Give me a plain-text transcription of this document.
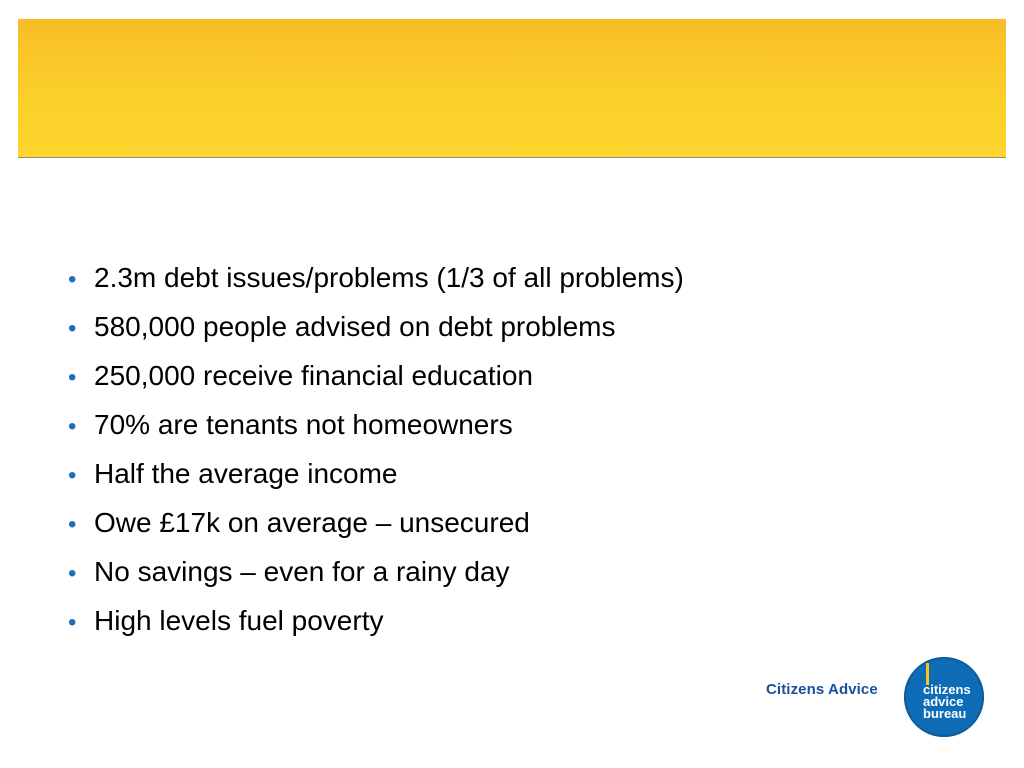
• 2.3m debt issues/problems (1/3 of all problems)
• 580,000 people advised on debt problems
• 250,000 receive financial education
• 70% are tenants not homeowners
• Half the average income
• Owe £17k on average – unsecured
• No savings – even for a rainy day
• High levels fuel poverty
Citizens Advice	citizens
advice
bureau
